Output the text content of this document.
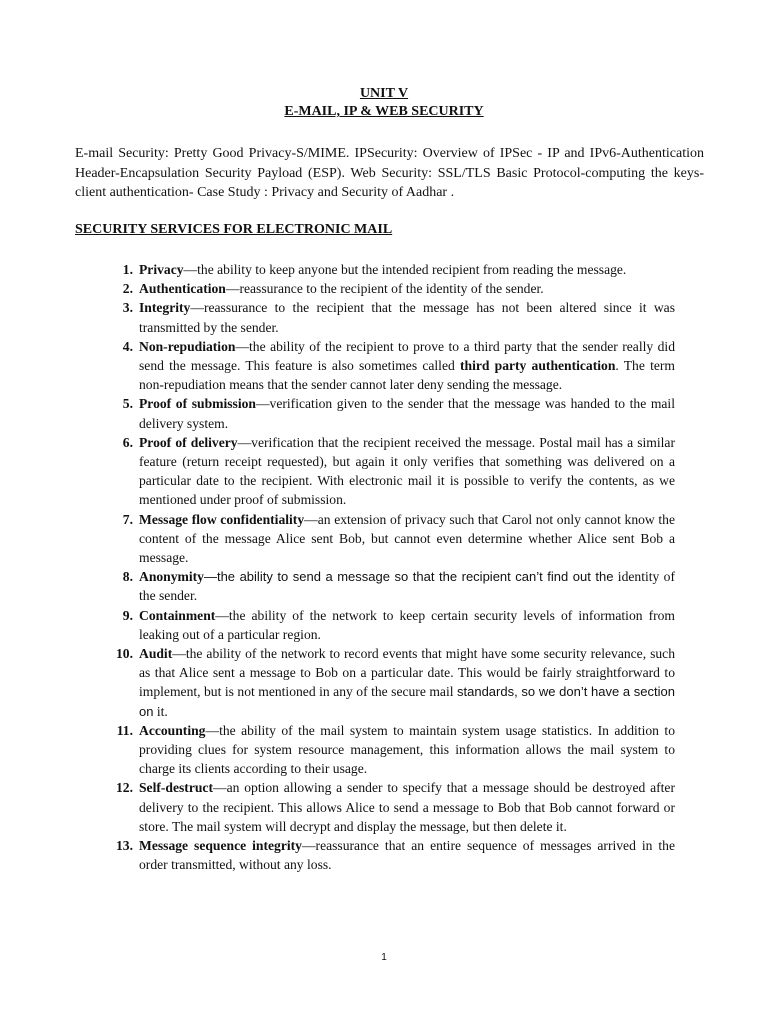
UNIT V
E-MAIL, IP & WEB SECURITY

E-mail Security: Pretty Good Privacy-S/MIME. IPSecurity: Overview of IPSec - IP and IPv6-Authentication Header-Encapsulation Security Payload (ESP). Web Security: SSL/TLS Basic Protocol-computing the keys- client authentication- Case Study : Privacy and Security of Aadhar .

SECURITY SERVICES FOR ELECTRONIC MAIL
1. Privacy—the ability to keep anyone but the intended recipient from reading the message.
2. Authentication—reassurance to the recipient of the identity of the sender.
3. Integrity—reassurance to the recipient that the message has not been altered since it was transmitted by the sender.
4. Non-repudiation—the ability of the recipient to prove to a third party that the sender really did send the message. This feature is also sometimes called third party authentication. The term non-repudiation means that the sender cannot later deny sending the message.
5. Proof of submission—verification given to the sender that the message was handed to the mail delivery system.
6. Proof of delivery—verification that the recipient received the message. Postal mail has a similar feature (return receipt requested), but again it only verifies that something was delivered on a particular date to the recipient. With electronic mail it is possible to verify the contents, as we mentioned under proof of submission.
7. Message flow confidentiality—an extension of privacy such that Carol not only cannot know the content of the message Alice sent Bob, but cannot even determine whether Alice sent Bob a message.
8. Anonymity—the ability to send a message so that the recipient can’t find out the identity of the sender.
9. Containment—the ability of the network to keep certain security levels of information from leaking out of a particular region.
10. Audit—the ability of the network to record events that might have some security relevance, such as that Alice sent a message to Bob on a particular date. This would be fairly straightforward to implement, but is not mentioned in any of the secure mail standards, so we don’t have a section on it.
11. Accounting—the ability of the mail system to maintain system usage statistics. In addition to providing clues for system resource management, this information allows the mail system to charge its clients according to their usage.
12. Self-destruct—an option allowing a sender to specify that a message should be destroyed after delivery to the recipient. This allows Alice to send a message to Bob that Bob cannot forward or store. The mail system will decrypt and display the message, but then delete it.
13. Message sequence integrity—reassurance that an entire sequence of messages arrived in the order transmitted, without any loss.
1
